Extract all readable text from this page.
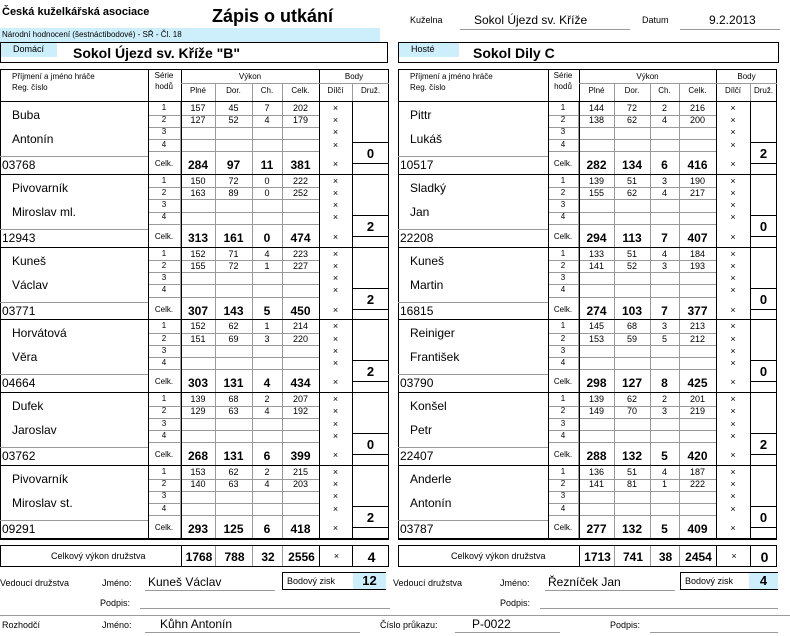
Česká kuželkářská asociace	Zápis o utkání
Národní hodnocení (šestnáctibodové) - SŘ - Čl. 18
Kuželna	Sokol Újezd sv. Kříže	Datum	9.2.2013
Domácí	Sokol Újezd sv. Kříže "B"	Hosté	Sokol Dily C
Příjmení a jméno hráče
Reg. číslo
Série
hodů
Výkon
Plné	Dor.	Ch.	Celk.
Body
Dílčí	Druž.
Buba
Antonín
03768
1	157	45	7	202	×
2	127	52	4	179	×
3	×
4	×
Celk.	284	97	11	381	×
0
Pivovarník
Miroslav ml.
12943
1	150	72	0	222	×
2	163	89	0	252	×
3	×
4	×
Celk.	313	161	0	474	×
2
Kuneš
Václav
03771
1	152	71	4	223	×
2	155	72	1	227	×
3	×
4	×
Celk.	307	143	5	450	×
2
Horvátová
Věra
04664
1	152	62	1	214	×
2	151	69	3	220	×
3	×
4	×
Celk.	303	131	4	434	×
2
Dufek
Jaroslav
03762
1	139	68	2	207	×
2	129	63	4	192	×
3	×
4	×
Celk.	268	131	6	399	×
0
Pivovarník
Miroslav st.
09291
1	153	62	2	215	×
2	140	63	4	203	×
3	×
4	×
Celk.	293	125	6	418	×
2
Celkový výkon družstva	1768	788	32	2556	×	4
Příjmení a jméno hráče
Reg. číslo
Série
hodů
Výkon
Plné	Dor.	Ch.	Celk.
Body
Dílčí	Druž.
Pittr
Lukáš
10517
1	144	72	2	216	×
2	138	62	4	200	×
3	×
4	×
Celk.	282	134	6	416	×
2
Sladký
Jan
22208
1	139	51	3	190	×
2	155	62	4	217	×
3	×
4	×
Celk.	294	113	7	407	×
0
Kuneš
Martin
16815
1	133	51	4	184	×
2	141	52	3	193	×
3	×
4	×
Celk.	274	103	7	377	×
0
Reiniger
František
03790
1	145	68	3	213	×
2	153	59	5	212	×
3	×
4	×
Celk.	298	127	8	425	×
0
Konšel
Petr
22407
1	139	62	2	201	×
2	149	70	3	219	×
3	×
4	×
Celk.	288	132	5	420	×
2
Anderle
Antonín
03787
1	136	51	4	187	×
2	141	81	1	222	×
3	×
4	×
Celk.	277	132	5	409	×
0
Celkový výkon družstva	1713	741	38	2454	×	0
Vedoucí družstva	Jméno: Kuneš Václav	Bodový zisk	12
Podpis:
Vedoucí družstva	Jméno: Řezníček Jan	Bodový zisk	4
Podpis:
Rozhodčí	Jméno: Kůhn Antonín	Číslo průkazu:	P-0022	Podpis:
